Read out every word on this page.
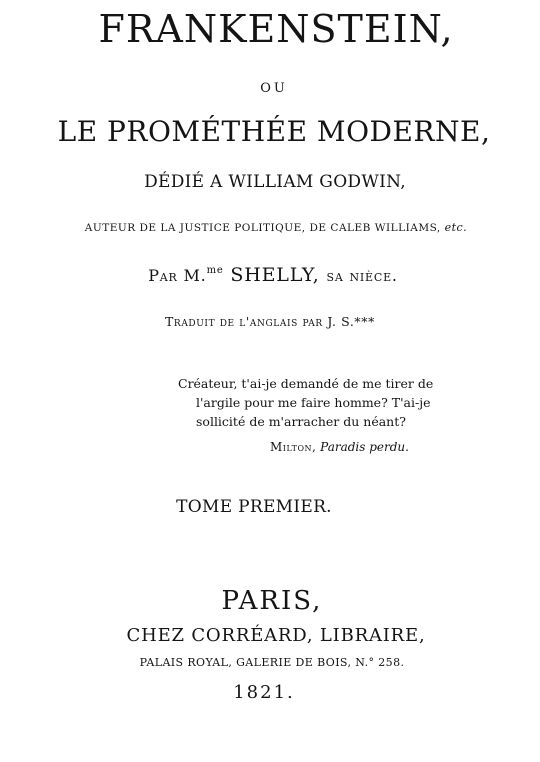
FRANKENSTEIN,
OU
LE PROMÉTHÉE MODERNE,
DÉDIÉ A WILLIAM GODWIN,
AUTEUR DE LA JUSTICE POLITIQUE, DE CALEB WILLIAMS, etc.
Par M.$^{me}$ SHELLY, sa nièce.
Traduit de l'anglais par J. S.***
Créateur, t'ai-je demandé de me tirer de
l'argile pour me faire homme? T'ai-je
sollicité de m'arracher du néant?
Milton, Paradis perdu.
TOME PREMIER.
PARIS,
CHEZ CORRÉARD, LIBRAIRE,
PALAIS ROYAL, GALERIE DE BOIS, N.° 258.
1821.
